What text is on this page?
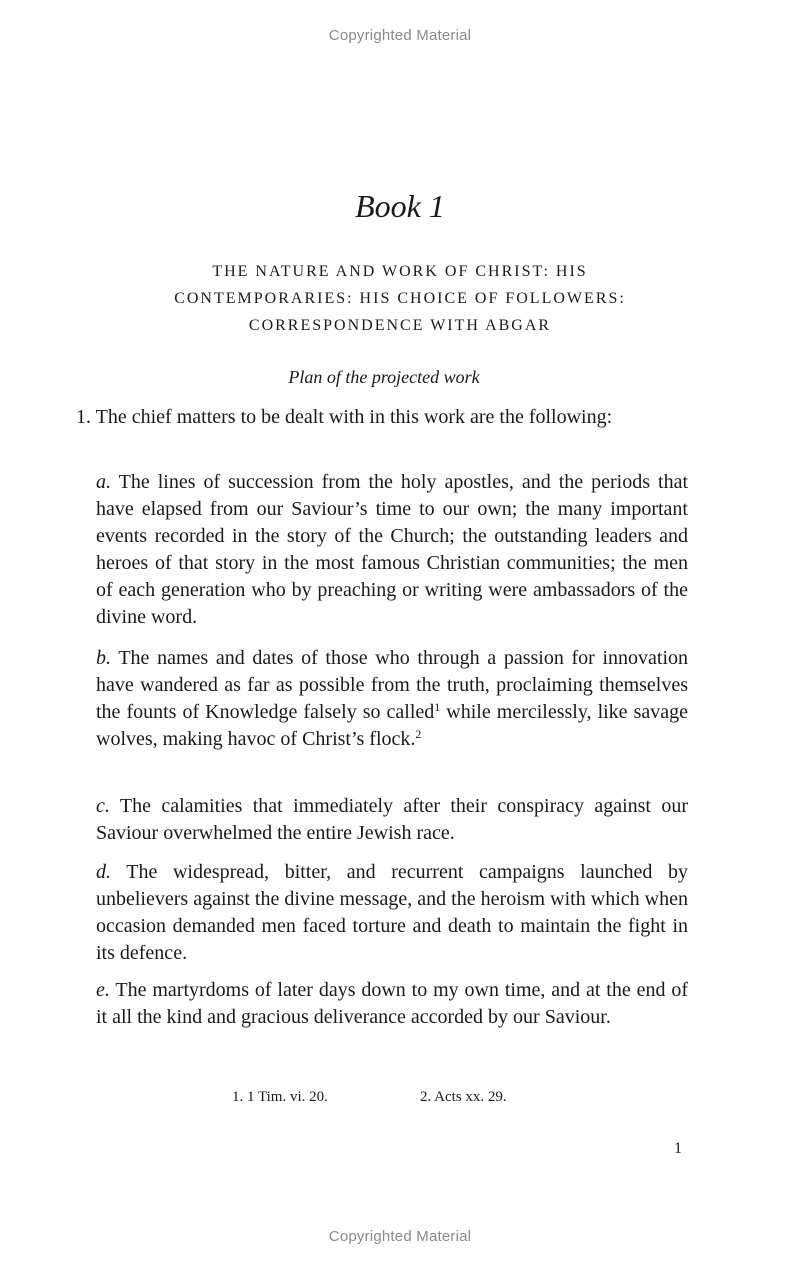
Copyrighted Material
Book 1
THE NATURE AND WORK OF CHRIST: HIS
CONTEMPORARIES: HIS CHOICE OF FOLLOWERS:
CORRESPONDENCE WITH ABGAR
Plan of the projected work

1. The chief matters to be dealt with in this work are the following:

a. The lines of succession from the holy apostles, and the periods that have elapsed from our Saviour’s time to our own; the many important events recorded in the story of the Church; the outstanding leaders and heroes of that story in the most famous Christian communities; the men of each generation who by preaching or writing were ambassadors of the divine word.

b. The names and dates of those who through a passion for innovation have wandered as far as possible from the truth, proclaiming themselves the founts of Knowledge falsely so called$^1$ while mercilessly, like savage wolves, making havoc of Christ’s flock.$^2$

c. The calamities that immediately after their conspiracy against our Saviour overwhelmed the entire Jewish race.

d. The widespread, bitter, and recurrent campaigns launched by unbelievers against the divine message, and the heroism with which when occasion demanded men faced torture and death to maintain the fight in its defence.

e. The martyrdoms of later days down to my own time, and at the end of it all the kind and gracious deliverance accorded by our Saviour.

1. 1 Tim. vi. 20.	2. Acts xx. 29.
1
Copyrighted Material
